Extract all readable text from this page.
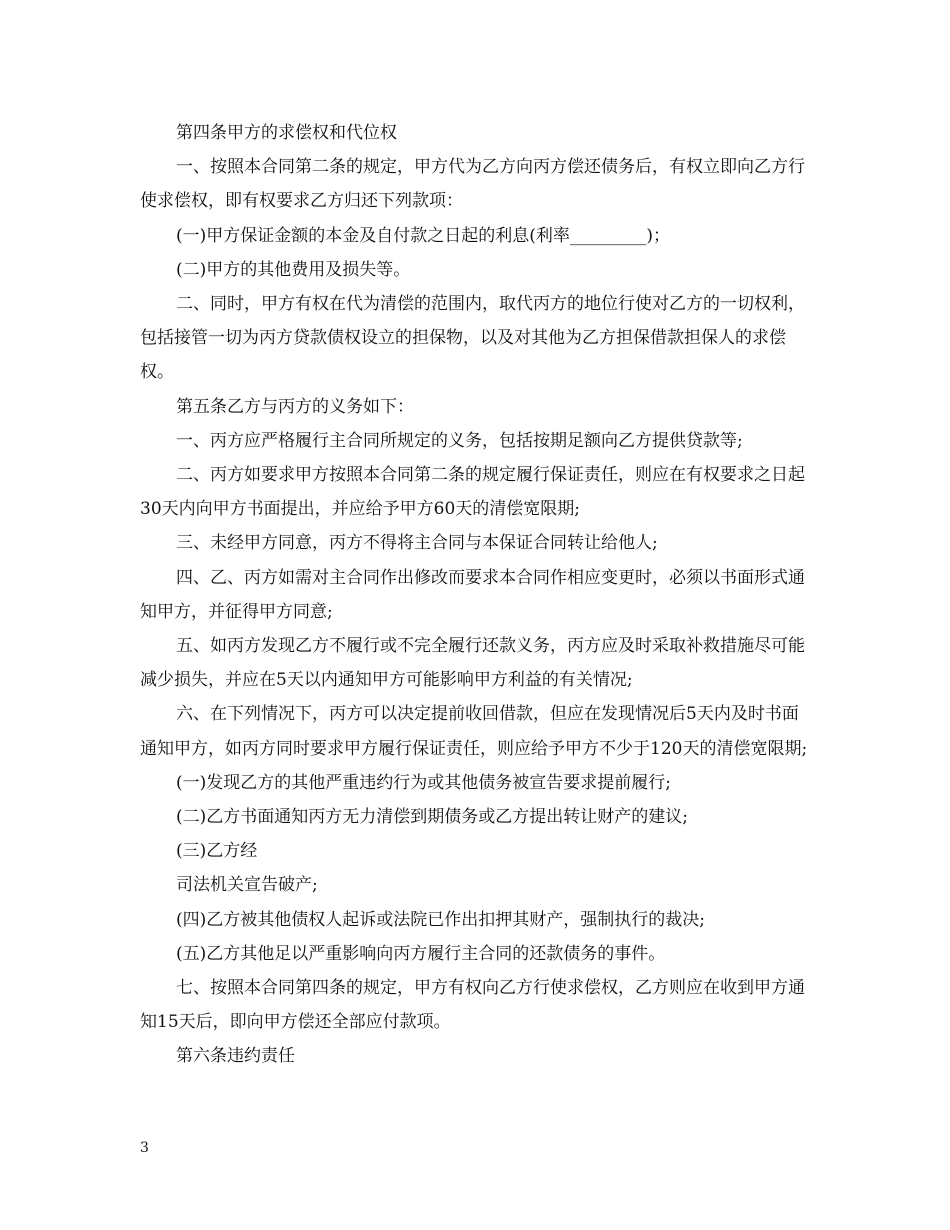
第四条甲方的求偿权和代位权

一、按照本合同第二条的规定，甲方代为乙方向丙方偿还债务后，有权立即向乙方行使求偿权，即有权要求乙方归还下列款项：

(一)甲方保证金额的本金及自付款之日起的利息(利率_________)；

(二)甲方的其他费用及损失等。

二、同时，甲方有权在代为清偿的范围内，取代丙方的地位行使对乙方的一切权利，包括接管一切为丙方贷款债权设立的担保物，以及对其他为乙方担保借款担保人的求偿权。

第五条乙方与丙方的义务如下：

一、丙方应严格履行主合同所规定的义务，包括按期足额向乙方提供贷款等;

二、丙方如要求甲方按照本合同第二条的规定履行保证责任，则应在有权要求之日起30天内向甲方书面提出，并应给予甲方60天的清偿宽限期;

三、未经甲方同意，丙方不得将主合同与本保证合同转让给他人;

四、乙、丙方如需对主合同作出修改而要求本合同作相应变更时，必须以书面形式通知甲方，并征得甲方同意;

五、如丙方发现乙方不履行或不完全履行还款义务，丙方应及时采取补救措施尽可能减少损失，并应在5天以内通知甲方可能影响甲方利益的有关情况;

六、在下列情况下，丙方可以决定提前收回借款，但应在发现情况后5天内及时书面通知甲方，如丙方同时要求甲方履行保证责任，则应给予甲方不少于120天的清偿宽限期;

(一)发现乙方的其他严重违约行为或其他债务被宣告要求提前履行;

(二)乙方书面通知丙方无力清偿到期债务或乙方提出转让财产的建议;

(三)乙方经

司法机关宣告破产;

(四)乙方被其他债权人起诉或法院已作出扣押其财产，强制执行的裁决;

(五)乙方其他足以严重影响向丙方履行主合同的还款债务的事件。

七、按照本合同第四条的规定，甲方有权向乙方行使求偿权，乙方则应在收到甲方通知15天后，即向甲方偿还全部应付款项。

第六条违约责任

3
